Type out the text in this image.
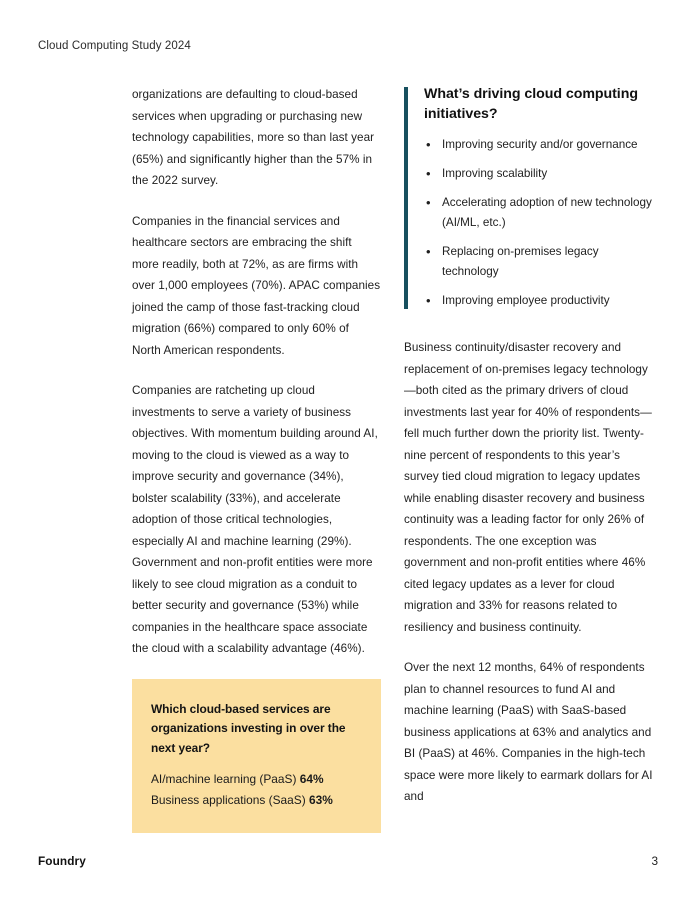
Cloud Computing Study 2024

organizations are defaulting to cloud-based services when upgrading or purchasing new technology capabilities, more so than last year (65%) and significantly higher than the 57% in the 2022 survey.

Companies in the financial services and healthcare sectors are embracing the shift more readily, both at 72%, as are firms with over 1,000 employees (70%). APAC companies joined the camp of those fast-tracking cloud migration (66%) compared to only 60% of North American respondents.

Companies are ratcheting up cloud investments to serve a variety of business objectives. With momentum building around AI, moving to the cloud is viewed as a way to improve security and governance (34%), bolster scalability (33%), and accelerate adoption of those critical technologies, especially AI and machine learning (29%). Government and non-profit entities were more likely to see cloud migration as a conduit to better security and governance (53%) while companies in the healthcare space associate the cloud with a scalability advantage (46%).

Which cloud-based services are organizations investing in over the next year?
AI/machine learning (PaaS) 64%
Business applications (SaaS) 63%
What’s driving cloud computing initiatives?
• Improving security and/or governance
• Improving scalability
• Accelerating adoption of new technology (AI/ML, etc.)
• Replacing on-premises legacy technology
• Improving employee productivity

Business continuity/disaster recovery and replacement of on-premises legacy technology—both cited as the primary drivers of cloud investments last year for 40% of respondents—fell much further down the priority list. Twenty-nine percent of respondents to this year’s survey tied cloud migration to legacy updates while enabling disaster recovery and business continuity was a leading factor for only 26% of respondents. The one exception was government and non-profit entities where 46% cited legacy updates as a lever for cloud migration and 33% for reasons related to resiliency and business continuity.

Over the next 12 months, 64% of respondents plan to channel resources to fund AI and machine learning (PaaS) with SaaS-based business applications at 63% and analytics and BI (PaaS) at 46%. Companies in the high-tech space were more likely to earmark dollars for AI and

Foundry	3
